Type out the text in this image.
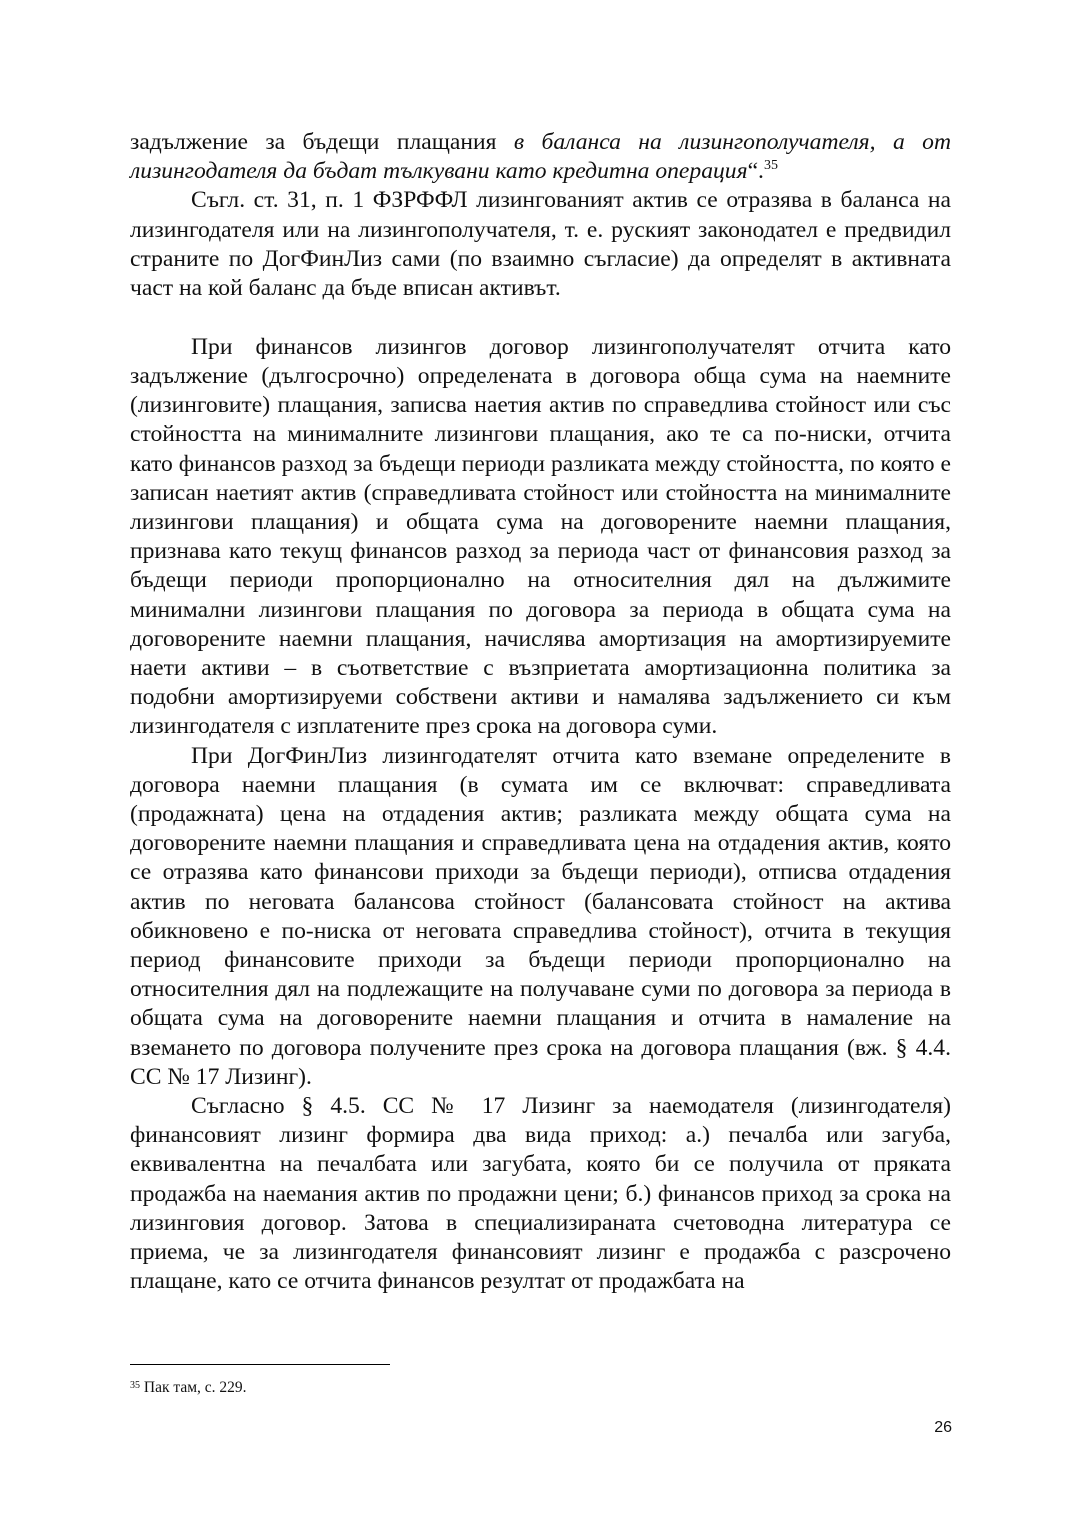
задължение за бъдещи плащания в баланса на лизингополучателя, а от лизингодателя да бъдат тълкувани като кредитна операция“.$^{35}$

Съгл. ст. 31, п. 1 ФЗРФФЛ лизингованият актив се отразява в баланса на лизингодателя или на лизингополучателя, т. е. руският законодател е предвидил страните по ДогФинЛиз сами (по взаимно съгласие) да определят в активната част на кой баланс да бъде вписан активът.

При финансов лизингов договор лизингополучателят отчита като задължение (дългосрочно) определената в договора обща сума на наемните (лизинговите) плащания, записва наетия актив по справедлива стойност или със стойността на минималните лизингови плащания, ако те са по-ниски, отчита като финансов разход за бъдещи периоди разликата между стойността, по която е записан наетият актив (справедливата стойност или стойността на минималните лизингови плащания) и общата сума на договорените наемни плащания, признава като текущ финансов разход за периода част от финансовия разход за бъдещи периоди пропорционално на относителния дял на дължимите минимални лизингови плащания по договора за периода в общата сума на договорените наемни плащания, начислява амортизация на амортизируемите наети активи – в съответствие с възприетата амортизационна политика за подобни амортизируеми собствени активи и намалява задължението си към лизингодателя с изплатените през срока на договора суми.

При ДогФинЛиз лизингодателят отчита като вземане определените в договора наемни плащания (в сумата им се включват: справедливата (продажната) цена на отдадения актив; разликата между общата сума на договорените наемни плащания и справедливата цена на отдадения актив, която се отразява като финансови приходи за бъдещи периоди), отписва отдадения актив по неговата балансова стойност (балансовата стойност на актива обикновено е по-ниска от неговата справедлива стойност), отчита в текущия период финансовите приходи за бъдещи периоди пропорционално на относителния дял на подлежащите на получаване суми по договора за периода в общата сума на договорените наемни плащания и отчита в намаление на вземането по договора получените през срока на договора плащания (вж. § 4.4. СС № 17 Лизинг).

Съгласно § 4.5. СС № 17 Лизинг за наемодателя (лизингодателя) финансовият лизинг формира два вида приход: а.) печалба или загуба, еквивалентна на печалбата или загубата, която би се получила от пряката продажба на наемания актив по продажни цени; б.) финансов приход за срока на лизинговия договор. Затова в специализираната счетоводна литература се приема, че за лизингодателя финансовият лизинг е продажба с разсрочено плащане, като се отчита финансов резултат от продажбата на

$^{35}$ Пак там, с. 229.
26
